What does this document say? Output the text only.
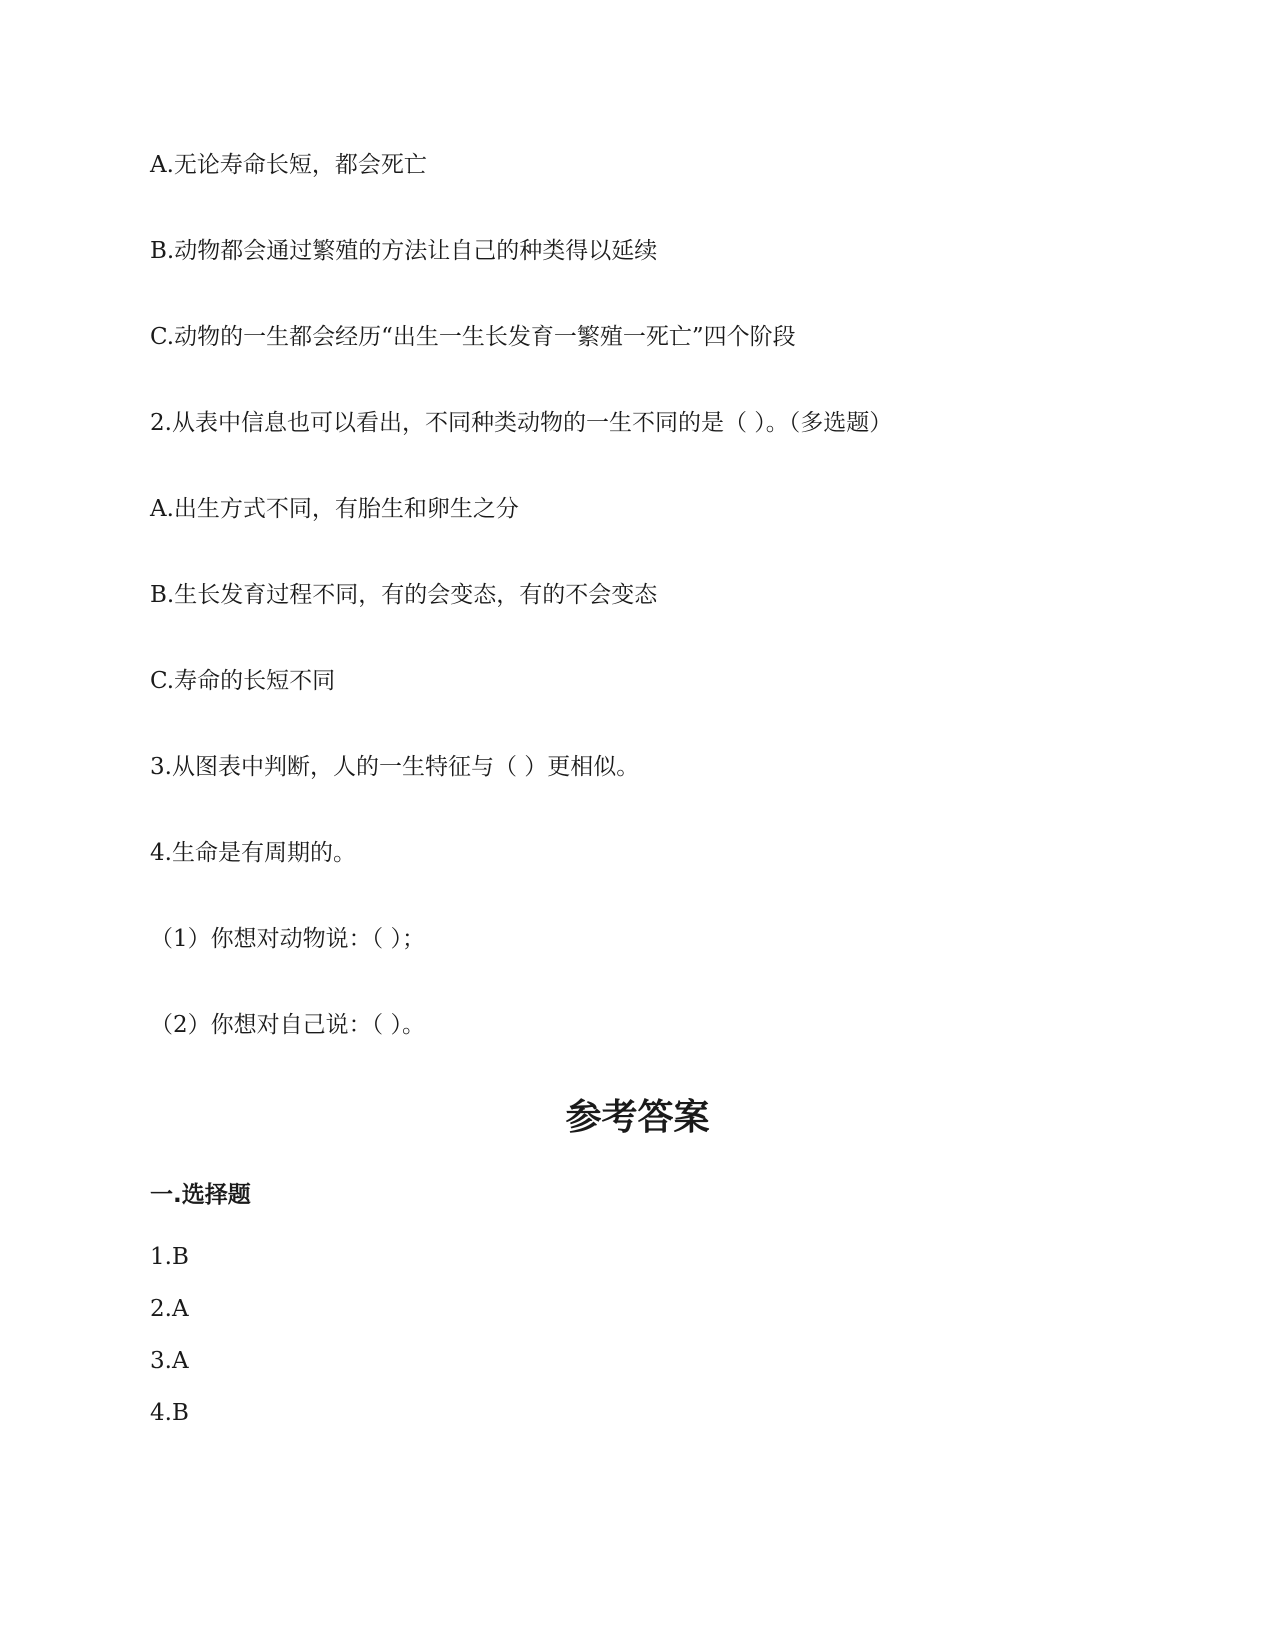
A.无论寿命长短，都会死亡
B.动物都会通过繁殖的方法让自己的种类得以延续
C.动物的一生都会经历“出生一生长发育一繁殖一死亡”四个阶段
2.从表中信息也可以看出，不同种类动物的一生不同的是（ ）。（多选题）
A.出生方式不同，有胎生和卵生之分
B.生长发育过程不同，有的会变态，有的不会变态
C.寿命的长短不同
3.从图表中判断，人的一生特征与（ ）更相似。
4.生命是有周期的。
（1）你想对动物说：（ ）；
（2）你想对自己说：（ ）。
参考答案
一.选择题
1.B
2.A
3.A
4.B
